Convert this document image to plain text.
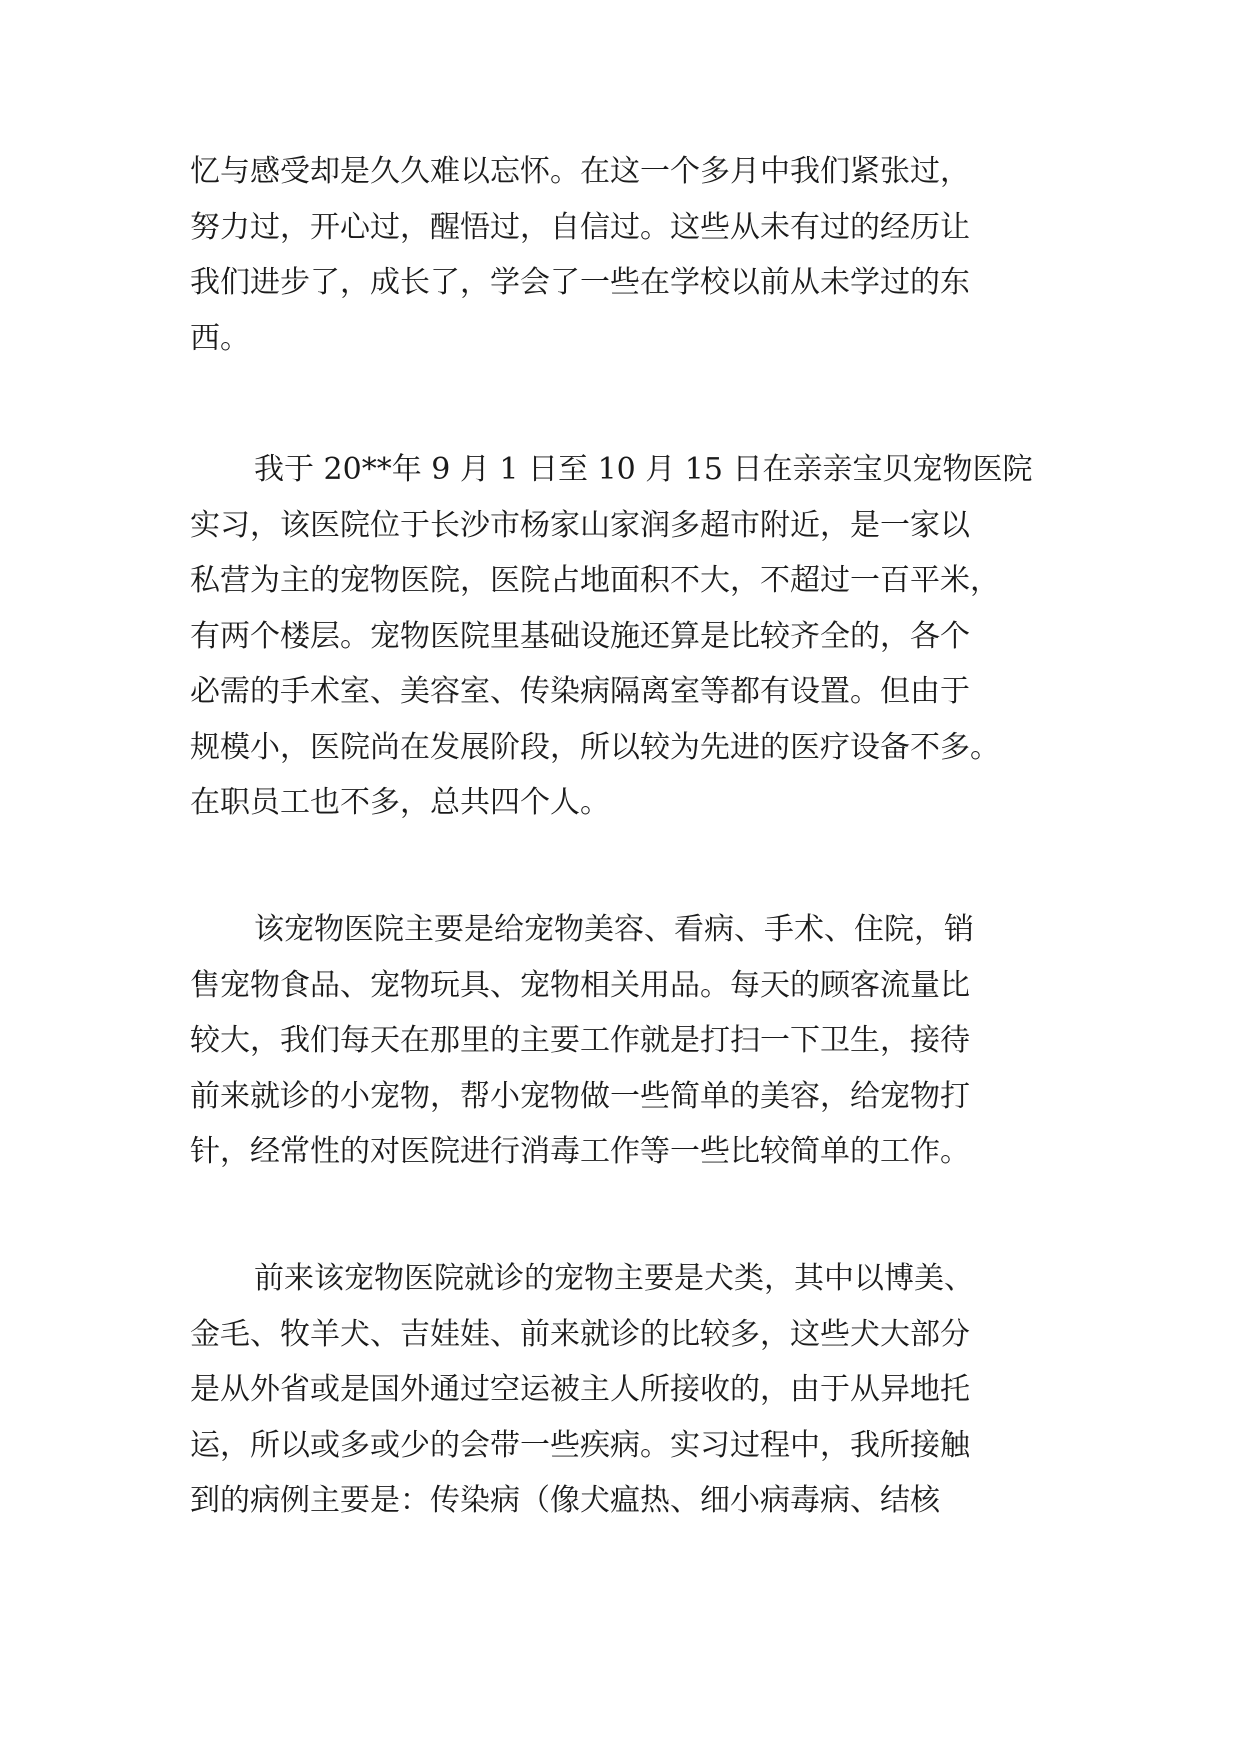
忆与感受却是久久难以忘怀。在这一个多月中我们紧张过，
努力过，开心过，醒悟过，自信过。这些从未有过的经历让
我们进步了，成长了，学会了一些在学校以前从未学过的东
西。
我于 20**年 9 月 1 日至 10 月 15 日在亲亲宝贝宠物医院
实习，该医院位于长沙市杨家山家润多超市附近，是一家以
私营为主的宠物医院，医院占地面积不大，不超过一百平米，
有两个楼层。宠物医院里基础设施还算是比较齐全的，各个
必需的手术室、美容室、传染病隔离室等都有设置。但由于
规模小，医院尚在发展阶段，所以较为先进的医疗设备不多。
在职员工也不多，总共四个人。
该宠物医院主要是给宠物美容、看病、手术、住院，销
售宠物食品、宠物玩具、宠物相关用品。每天的顾客流量比
较大，我们每天在那里的主要工作就是打扫一下卫生，接待
前来就诊的小宠物，帮小宠物做一些简单的美容，给宠物打
针，经常性的对医院进行消毒工作等一些比较简单的工作。
前来该宠物医院就诊的宠物主要是犬类，其中以博美、
金毛、牧羊犬、吉娃娃、前来就诊的比较多，这些犬大部分
是从外省或是国外通过空运被主人所接收的，由于从异地托
运，所以或多或少的会带一些疾病。实习过程中，我所接触
到的病例主要是：传染病（像犬瘟热、细小病毒病、结核
